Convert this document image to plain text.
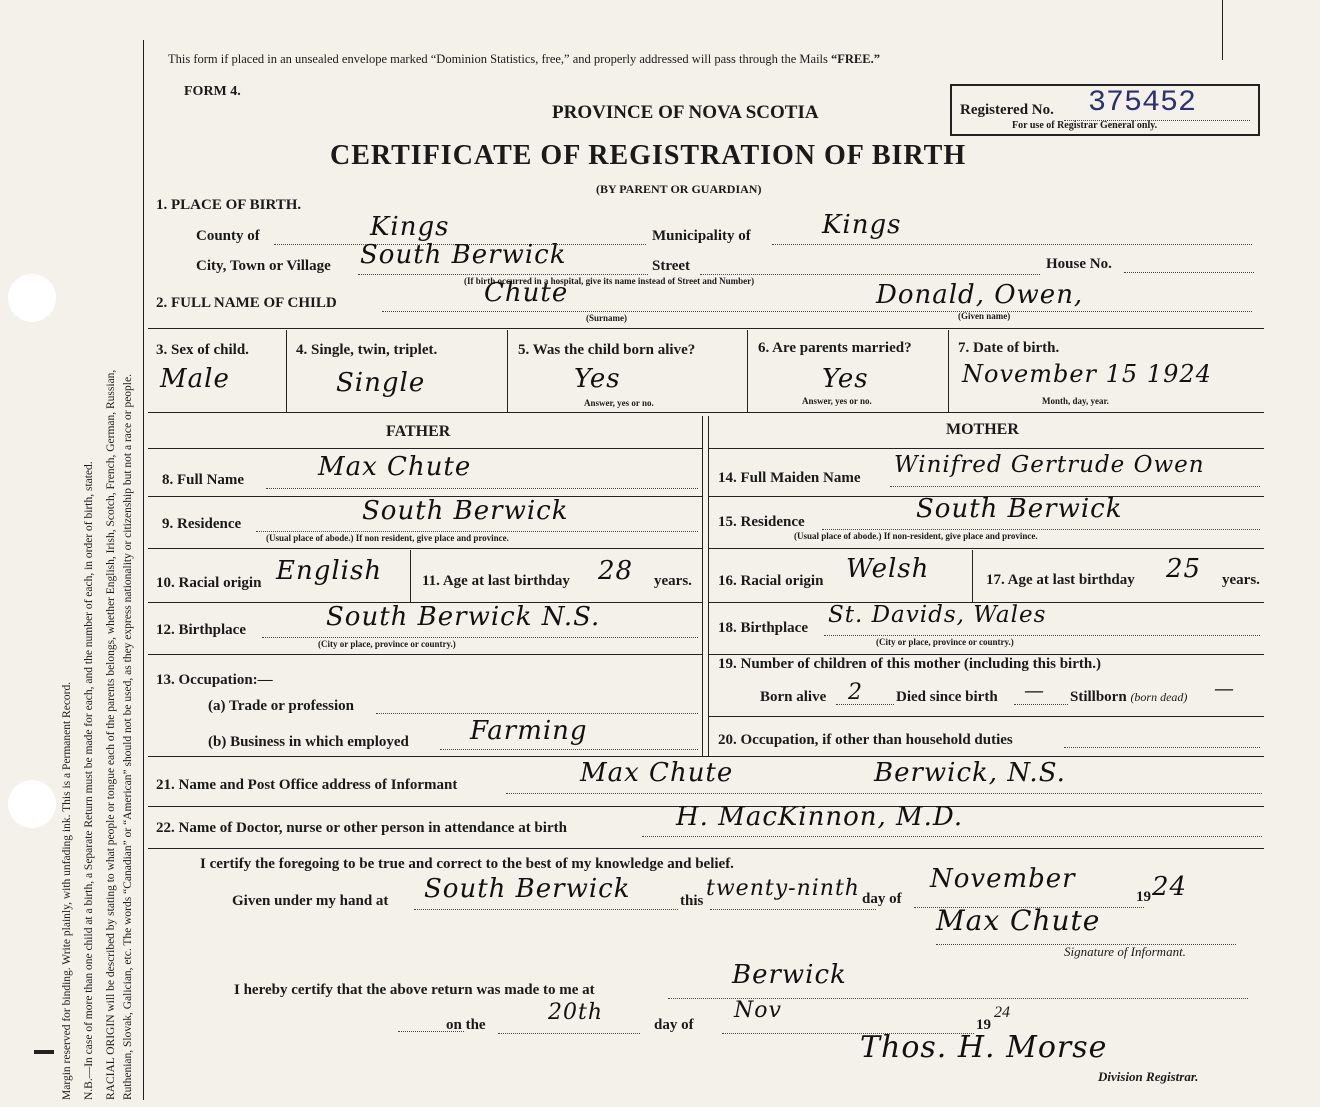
Margin reserved for binding. Write plainly, with unfading ink. This is a Permanent Record. N.B.—In case of more than one child at a birth, a Separate Return must be made for each, and the number of each, in order of birth, stated. RACIAL ORIGIN will be described by stating to what people or tongue each of the parents belongs, whether English, Irish, Scotch, French, German, Russian, Ruthenian, Slovak, Galician, etc. The words “Canadian” or “American” should not be used, as they express nationality or citizenship but not a race or people.
This form if placed in an unsealed envelope marked “Dominion Statistics, free,” and properly addressed will pass through the Mails “FREE.”
FORM 4.
PROVINCE OF NOVA SCOTIA
CERTIFICATE OF REGISTRATION OF BIRTH
(BY PARENT OR GUARDIAN)
Registered No. 375452
For use of Registrar General only.
1. PLACE OF BIRTH.
County of	Kings	Municipality of	Kings
City, Town or Village South Berwick	Street	House No.
(If birth occurred in a hospital, give its name instead of Street and Number)
2. FULL NAME OF CHILD	Chute
(Surname)
Donald, Owen,
(Given name)
3. Sex of child.
Male
4. Single, twin, triplet.
Single
5. Was the child born alive?
Yes
Answer, yes or no.
6. Are parents married?
Yes
Answer, yes or no.
7. Date of birth.
November 15 1924
Month, day, year.
FATHER	MOTHER
8. Full Name	Max Chute
9. Residence	South Berwick
(Usual place of abode.) If non resident, give place and province.
10. Racial origin English	11. Age at last birthday 28 years.
12. Birthplace	South Berwick N.S.
(City or place, province or country.)
13. Occupation:—
(a) Trade or profession
(b) Business in which employed Farming
14. Full Maiden Name Winifred Gertrude Owen
15. Residence	South Berwick
(Usual place of abode.) If non-resident, give place and province.
16. Racial origin Welsh	17. Age at last birthday 25 years.
18. Birthplace St. Davids, Wales
(City or place, province or country.)
19. Number of children of this mother (including this birth.)
Born alive 2 Died since birth — Stillborn (born dead) —
20. Occupation, if other than household duties
21. Name and Post Office address of Informant	Max Chute	Berwick, N.S.
22. Name of Doctor, nurse or other person in attendance at birth	H. MacKinnon, M.D.
I certify the foregoing to be true and correct to the best of my knowledge and belief.
Given under my hand at South Berwick	this twenty-ninth day of
November
19 24
Max Chute
Signature of Informant.
I hereby certify that the above return was made to me at	Berwick
on the	20th	day of
Nov
19
24
Thos. H. Morse
Division Registrar.
